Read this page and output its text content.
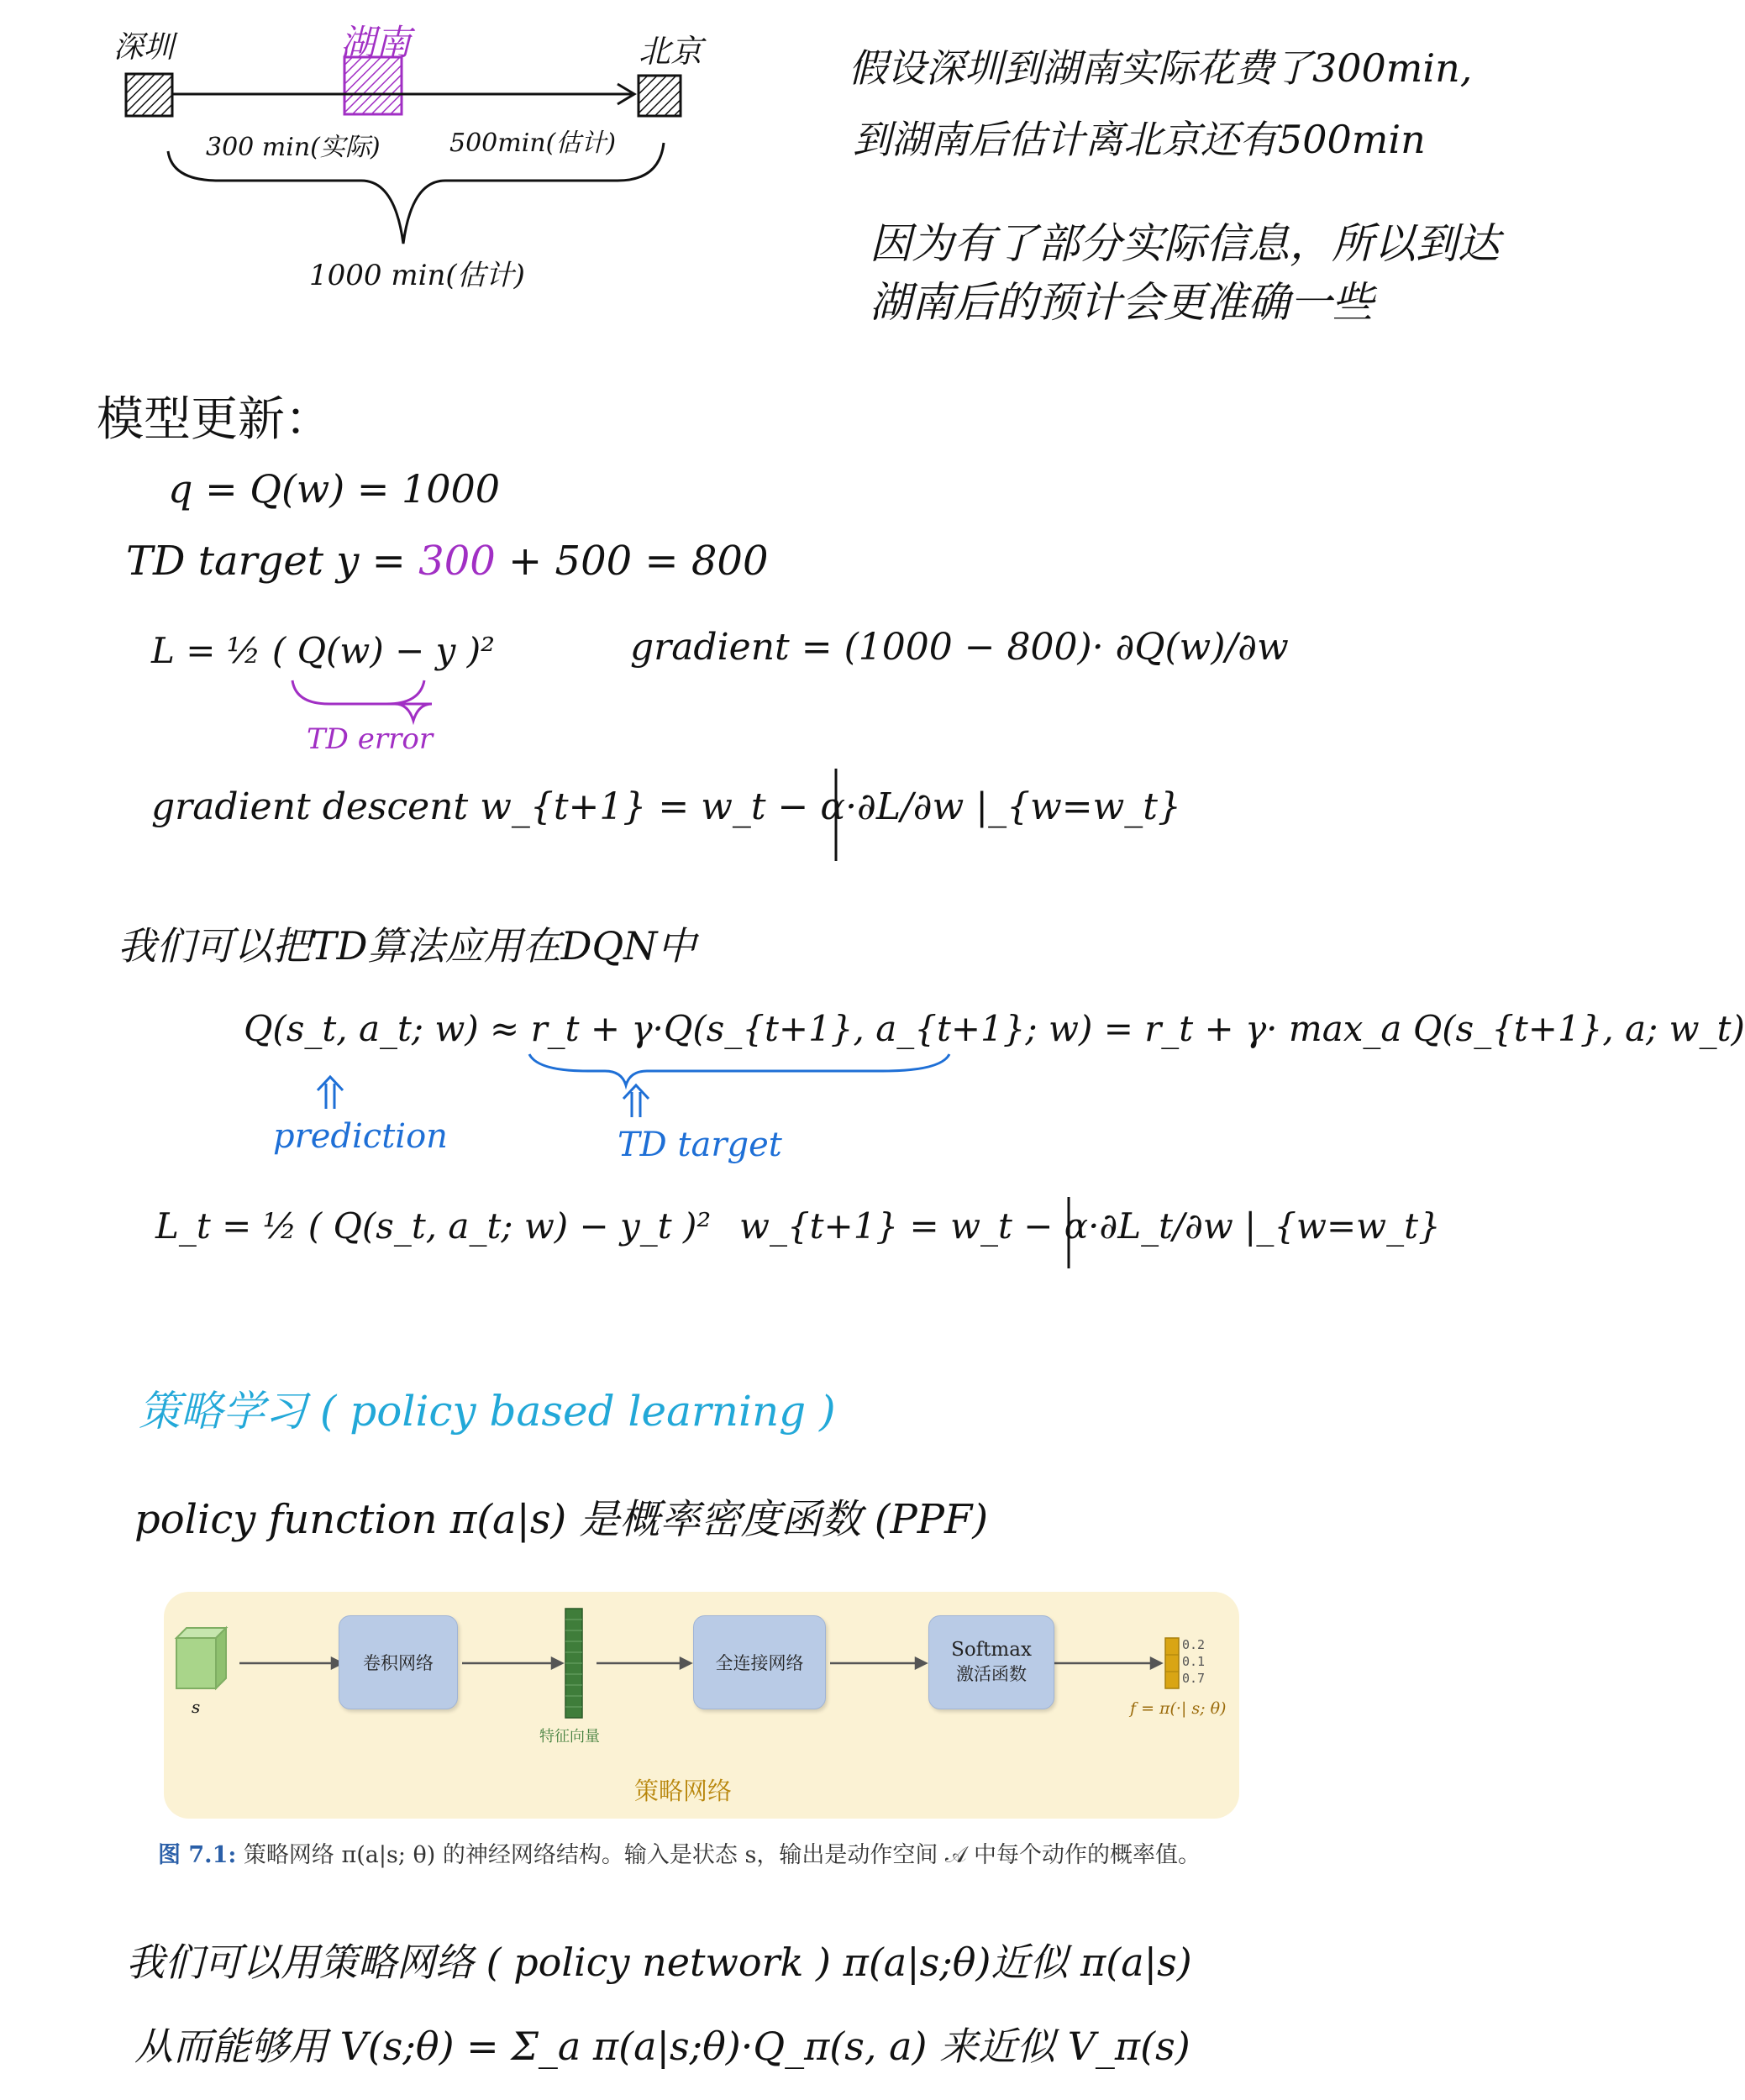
深圳	湖南	北京
300 min(实际)	500min(估计)
1000 min(估计)
假设深圳到湖南实际花费了300min,
到湖南后估计离北京还有500min
因为有了部分实际信息，所以到达
湖南后的预计会更准确一些
模型更新：
q = Q(w) = 1000
TD target y = 300 + 500 = 800
L = ½ ( Q(w) − y )²
TD error
gradient = (1000 − 800)· ∂Q(w)/∂w
gradient descent w_{t+1} = w_t − α·∂L/∂w |_{w=w_t}
我们可以把TD算法应用在DQN中
Q(s_t, a_t; w) ≈ r_t + γ·Q(s_{t+1}, a_{t+1}; w) = r_t + γ· max_a Q(s_{t+1}, a; w_t)
prediction	TD target
L_t = ½ ( Q(s_t, a_t; w) − y_t )² w_{t+1} = w_t − α·∂L_t/∂w |_{w=w_t}
策略学习 ( policy based learning )
policy function π(a|s) 是概率密度函数 (PPF)
卷积网络	全连接网络
Softmax
激活函数
s
特征向量
0.2
0.1
0.7
f = π(·| s; θ)
策略网络
图 7.1: 策略网络 π(a|s; θ) 的神经网络结构。输入是状态 s，输出是动作空间 𝒜 中每个动作的概率值。
我们可以用策略网络 ( policy network ) π(a|s;θ)近似 π(a|s)
从而能够用 V(s;θ) = Σ_a π(a|s;θ)·Q_π(s, a) 来近似 V_π(s)
